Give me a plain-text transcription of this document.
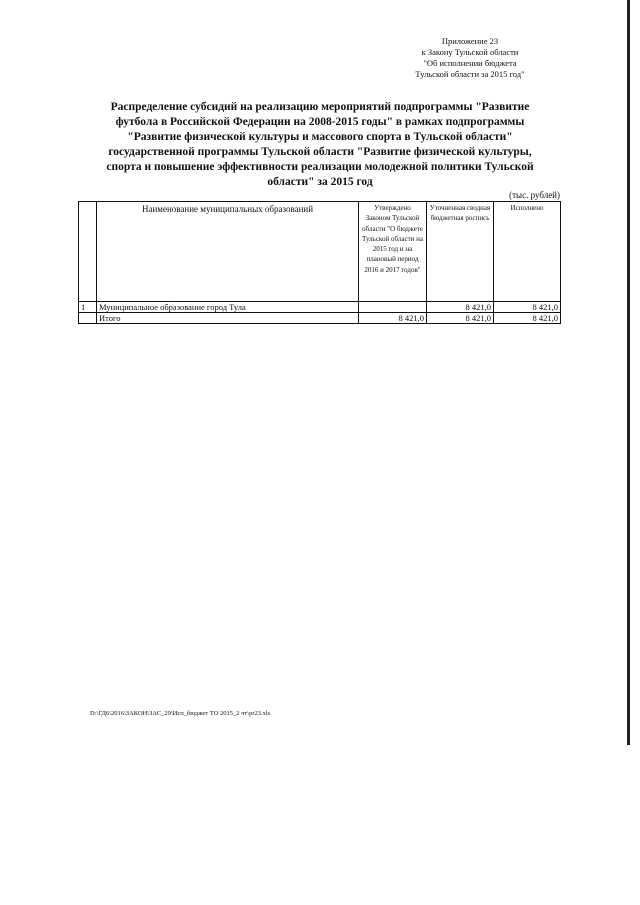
Приложение 23
к Закону Тульской области
"Об исполнении бюджета
Тульской области за 2015 год"
Распределение субсидий на реализацию мероприятий подпрограммы "Развитие
футбола в Российской Федерации на 2008-2015 годы" в рамках подпрограммы
"Развитие физической культуры и массового спорта в Тульской области"
государственной программы Тульской области "Развитие физической культуры,
спорта и повышение эффективности реализации молодежной политики Тульской
области" за 2015 год
(тыс. рублей)
	Наименование муниципальных образований	Утверждено Законом Тульской области "О бюджете Тульской области на 2015 год и на плановый период 2016 и 2017 годов"	Уточненная сводная бюджетная роспись	Исполнено
1	Муниципальное образование город Тула		8 421,0	8 421,0
	Итого	8 421,0	8 421,0	8 421,0
D:\ГД6\2016\ЗАКОН\ЗАС_29\Исп_бюджет ТО 2015_2 чт\pr23.xls
